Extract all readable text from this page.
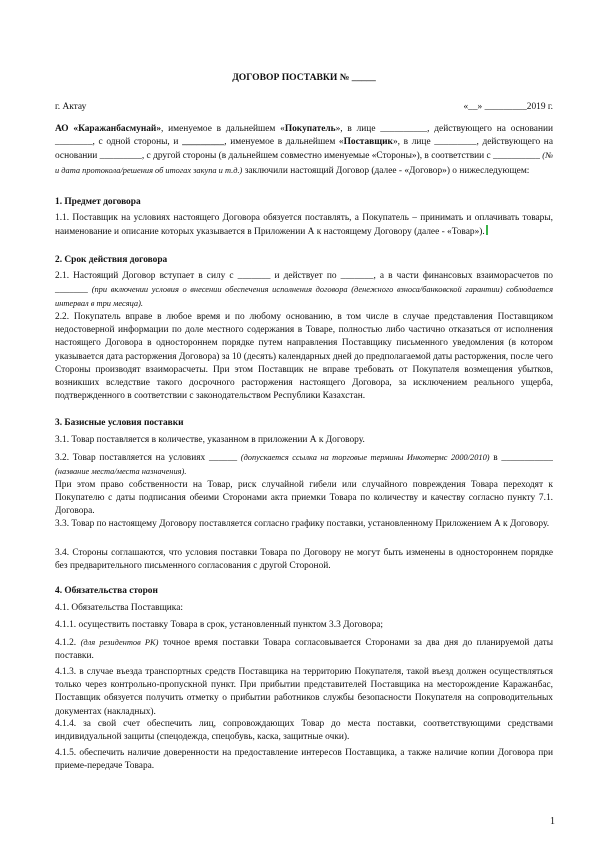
ДОГОВОР ПОСТАВКИ № _____
г. Актау	«__» _________2019 г.

АО «Каражанбасмунай», именуемое в дальнейшем «Покупатель», в лице __________, действующего на основании ________, с одной стороны, и _________, именуемое в дальнейшем «Поставщик», в лице _________, действующего на основании _________, с другой стороны (в дальнейшем совместно именуемые «Стороны»), в соответствии с __________ (№ и дата протокола/решения об итогах закупа и т.д.) заключили настоящий Договор (далее - «Договор») о нижеследующем:

1. Предмет договора

1.1. Поставщик на условиях настоящего Договора обязуется поставлять, а Покупатель – принимать и оплачивать товары, наименование и описание которых указывается в Приложении А к настоящему Договору (далее - «Товар»).

2. Срок действия договора

2.1. Настоящий Договор вступает в силу с _______ и действует по _______, а в части финансовых взаиморасчетов по _______ (при включении условия о внесении обеспечения исполнения договора (денежного взноса/банковской гарантии) соблюдается интервал в три месяца).

2.2. Покупатель вправе в любое время и по любому основанию, в том числе в случае представления Поставщиком недостоверной информации по доле местного содержания в Товаре, полностью либо частично отказаться от исполнения настоящего Договора в одностороннем порядке путем направления Поставщику письменного уведомления (в котором указывается дата расторжения Договора) за 10 (десять) календарных дней до предполагаемой даты расторжения, после чего Стороны производят взаиморасчеты. При этом Поставщик не вправе требовать от Покупателя возмещения убытков, возникших вследствие такого досрочного расторжения настоящего Договора, за исключением реального ущерба, подтвержденного в соответствии с законодательством Республики Казахстан.

3. Базисные условия поставки

3.1. Товар поставляется в количестве, указанном в приложении А к Договору.

3.2. Товар поставляется на условиях ______ (допускается ссылка на торговые термины Инкотермс 2000/2010) в ___________ (название места/места назначения).

При этом право собственности на Товар, риск случайной гибели или случайного повреждения Товара переходят к Покупателю с даты подписания обеими Сторонами акта приемки Товара по количеству и качеству согласно пункту 7.1. Договора.

3.3. Товар по настоящему Договору поставляется согласно графику поставки, установленному Приложением А к Договору.

3.4. Стороны соглашаются, что условия поставки Товара по Договору не могут быть изменены в одностороннем порядке без предварительного письменного согласования с другой Стороной.

4. Обязательства сторон

4.1. Обязательства Поставщика:

4.1.1. осуществить поставку Товара в срок, установленный пунктом 3.3 Договора;

4.1.2. (для резидентов РК) точное время поставки Товара согласовывается Сторонами за два дня до планируемой даты поставки.

4.1.3. в случае въезда транспортных средств Поставщика на территорию Покупателя, такой въезд должен осуществляться только через контрольно-пропускной пункт. При прибытии представителей Поставщика на месторождение Каражанбас, Поставщик обязуется получить отметку о прибытии работников службы безопасности Покупателя на сопроводительных документах (накладных).

4.1.4. за свой счет обеспечить лиц, сопровождающих Товар до места поставки, соответствующими средствами индивидуальной защиты (спецодежда, спецобувь, каска, защитные очки).

4.1.5. обеспечить наличие доверенности на предоставление интересов Поставщика, а также наличие копии Договора при приеме-передаче Товара.

1
